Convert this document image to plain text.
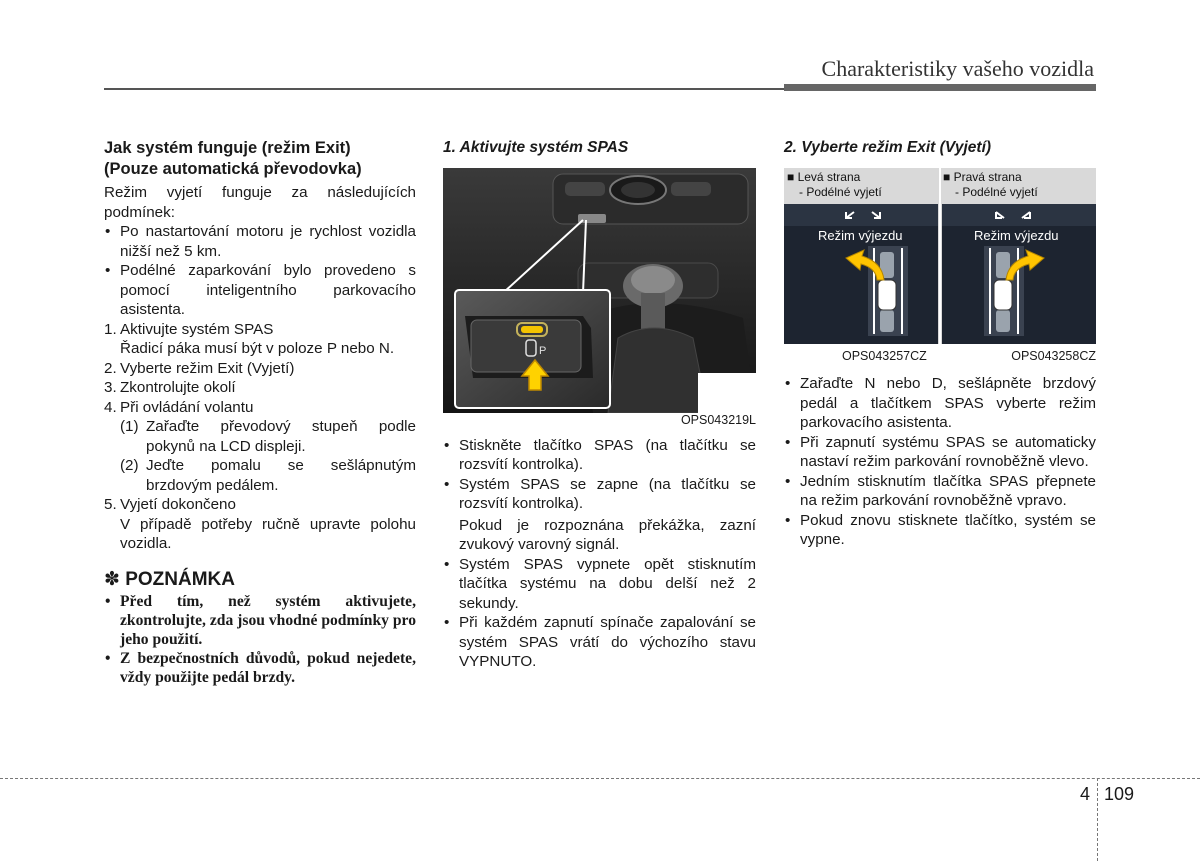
Charakteristiky vašeho vozidla
Jak systém funguje (režim Exit)
(Pouze automatická převodovka)

Režim vyjetí funguje za následujících podmínek:

• Po nastartování motoru je rychlost vozidla nižší než 5 km.

• Podélné zaparkování bylo provedeno s pomocí inteligentního parkovacího asistenta.

1. Aktivujte systém SPAS

Řadicí páka musí být v poloze P nebo N.

2. Vyberte režim Exit (Vyjetí)

3. Zkontrolujte okolí

4. Při ovládání volantu

(1) Zařaďte převodový stupeň podle pokynů na LCD displeji.

(2) Jeďte pomalu se sešlápnutým brzdovým pedálem.

5. Vyjetí dokončeno

V případě potřeby ručně upravte polohu vozidla.

✽ POZNÁMKA
• Před tím, než systém aktivujete, zkontrolujte, zda jsou vhodné podmínky pro jeho použití.
• Z bezpečnostních důvodů, pokud nejedete, vždy použijte pedál brzdy.

1. Aktivujte systém SPAS

P
OPS043219L

• Stiskněte tlačítko SPAS (na tlačítku se rozsvítí kontrolka).

• Systém SPAS se zapne (na tlačítku se rozsvítí kontrolka).

Pokud je rozpoznána překážka, zazní zvukový varovný signál.

• Systém SPAS vypnete opět stisknutím tlačítka systému na dobu delší než 2 sekundy.

• Při každém zapnutí spínače zapalování se systém SPAS vrátí do výchozího stavu VYPNUTO.

2. Vyberte režim Exit (Vyjetí)

■ Levá strana
- Podélné vyjetí
■ Pravá strana
- Podélné vyjetí
Režim výjezdu	Režim výjezdu
OPS043257CZ	OPS043258CZ

• Zařaďte N nebo D, sešlápněte brzdový pedál a tlačítkem SPAS vyberte režim parkovacího asistenta.

• Při zapnutí systému SPAS se automaticky nastaví režim parkování rovnoběžně vlevo.

• Jedním stisknutím tlačítka SPAS přepnete na režim parkování rovnoběžně vpravo.

• Pokud znovu stisknete tlačítko, systém se vypne.

4 109
